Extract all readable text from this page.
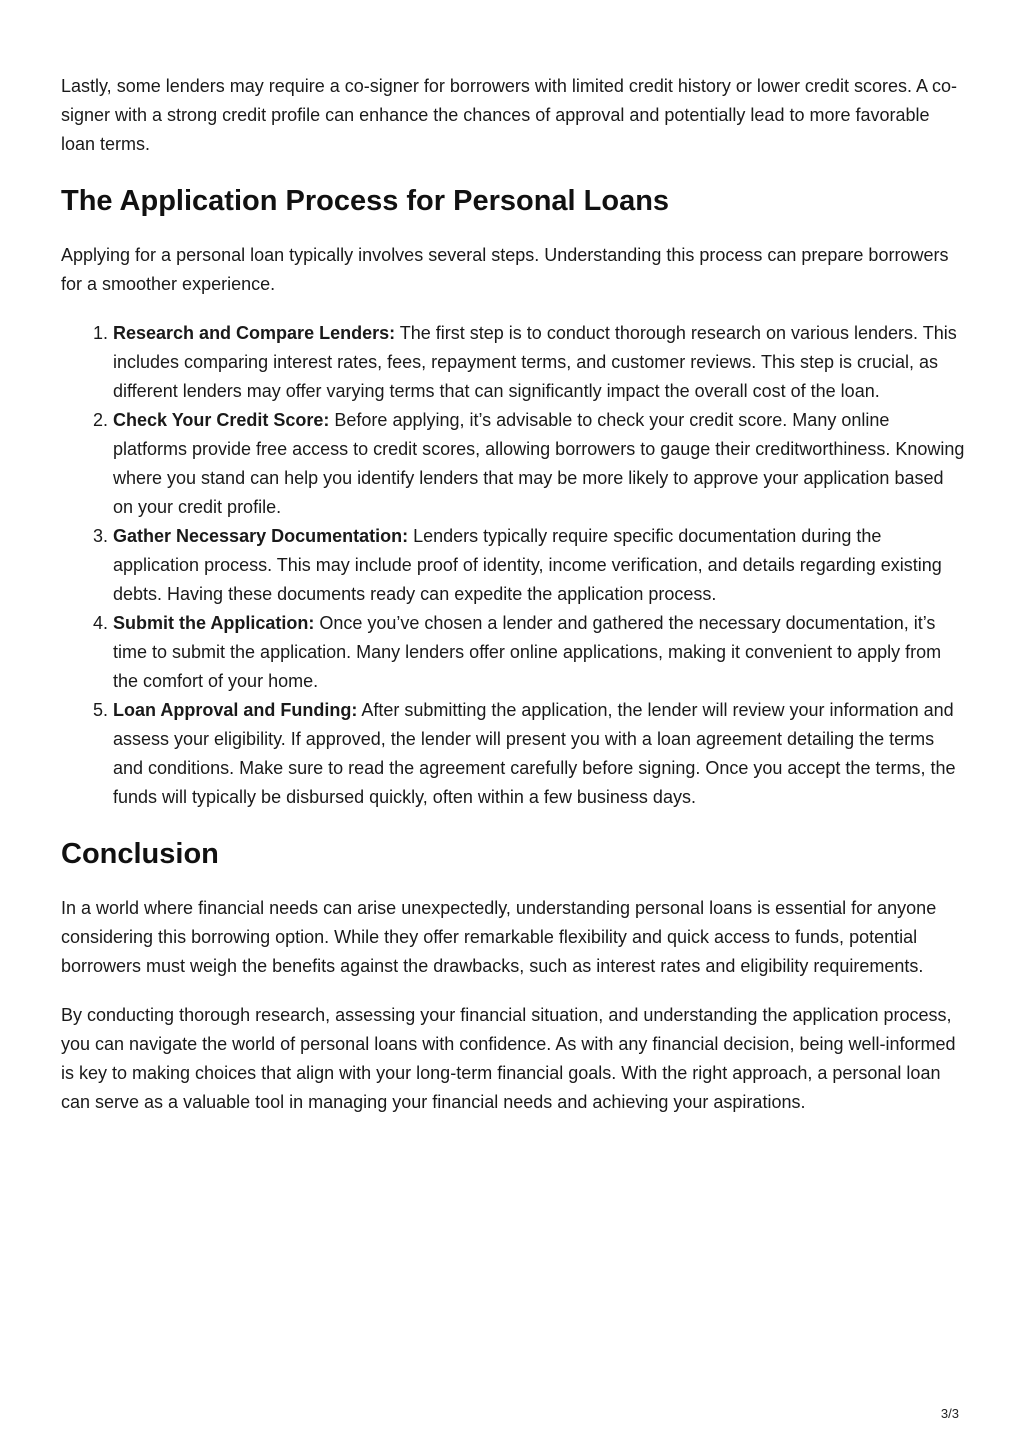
Lastly, some lenders may require a co-signer for borrowers with limited credit history or lower credit scores. A co-signer with a strong credit profile can enhance the chances of approval and potentially lead to more favorable loan terms.

The Application Process for Personal Loans

Applying for a personal loan typically involves several steps. Understanding this process can prepare borrowers for a smoother experience.

1. Research and Compare Lenders: The first step is to conduct thorough research on various lenders. This includes comparing interest rates, fees, repayment terms, and customer reviews. This step is crucial, as different lenders may offer varying terms that can significantly impact the overall cost of the loan.
2. Check Your Credit Score: Before applying, it’s advisable to check your credit score. Many online platforms provide free access to credit scores, allowing borrowers to gauge their creditworthiness. Knowing where you stand can help you identify lenders that may be more likely to approve your application based on your credit profile.
3. Gather Necessary Documentation: Lenders typically require specific documentation during the application process. This may include proof of identity, income verification, and details regarding existing debts. Having these documents ready can expedite the application process.
4. Submit the Application: Once you’ve chosen a lender and gathered the necessary documentation, it’s time to submit the application. Many lenders offer online applications, making it convenient to apply from the comfort of your home.
5. Loan Approval and Funding: After submitting the application, the lender will review your information and assess your eligibility. If approved, the lender will present you with a loan agreement detailing the terms and conditions. Make sure to read the agreement carefully before signing. Once you accept the terms, the funds will typically be disbursed quickly, often within a few business days.
Conclusion

In a world where financial needs can arise unexpectedly, understanding personal loans is essential for anyone considering this borrowing option. While they offer remarkable flexibility and quick access to funds, potential borrowers must weigh the benefits against the drawbacks, such as interest rates and eligibility requirements.

By conducting thorough research, assessing your financial situation, and understanding the application process, you can navigate the world of personal loans with confidence. As with any financial decision, being well-informed is key to making choices that align with your long-term financial goals. With the right approach, a personal loan can serve as a valuable tool in managing your financial needs and achieving your aspirations.

3/3
